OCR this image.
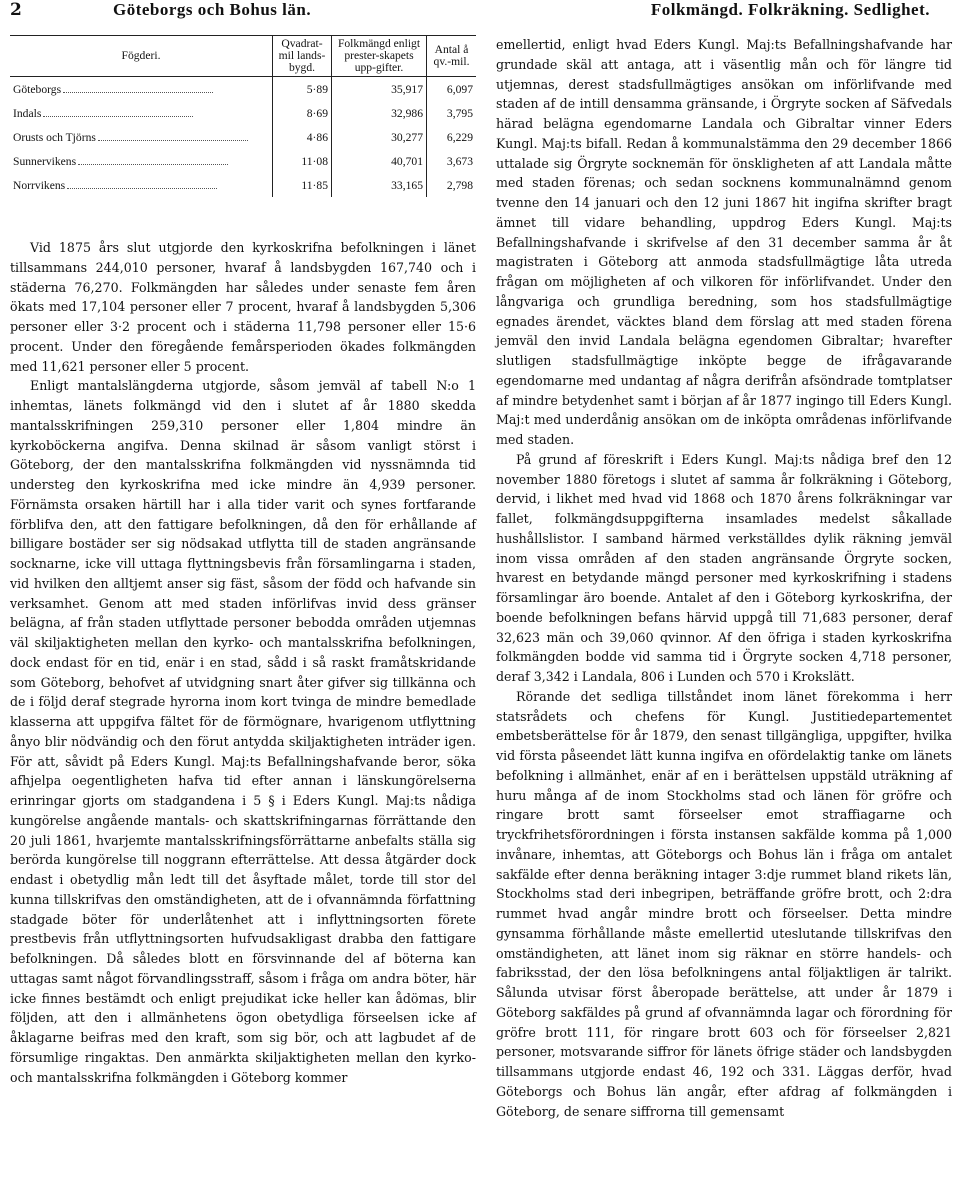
2	Göteborgs och Bohus län.	Folkmängd. Folkräkning. Sedlighet.
Fögderi.	Qvadrat-mil lands-bygd.	Folkmängd enligt prester-skapets upp-gifter.	Antal å qv.-mil.
Göteborgs	5·89	35,917	6,097
Indals	8·69	32,986	3,795
Orusts och Tjörns	4·86	30,277	6,229
Sunnervikens	11·08	40,701	3,673
Norrvikens	11·85	33,165	2,798

Vid 1875 års slut utgjorde den kyrkoskrifna befolkningen i länet tillsammans 244,010 personer, hvaraf å landsbygden 167,740 och i städerna 76,270. Folkmängden har således under senaste fem åren ökats med 17,104 personer eller 7 procent, hvaraf å landsbygden 5,306 personer eller 3·2 procent och i städerna 11,798 personer eller 15·6 procent. Under den föregående femårsperioden ökades folkmängden med 11,621 personer eller 5 procent.

Enligt mantalslängderna utgjorde, såsom jemväl af tabell N:o 1 inhemtas, länets folkmängd vid den i slutet af år 1880 skedda mantalsskrifningen 259,310 personer eller 1,804 mindre än kyrkoböckerna angifva. Denna skilnad är såsom vanligt störst i Göteborg, der den mantalsskrifna folkmängden vid nyssnämnda tid understeg den kyrkoskrifna med icke mindre än 4,939 personer. Förnämsta orsaken härtill har i alla tider varit och synes fortfarande förblifva den, att den fattigare befolkningen, då den för erhållande af billigare bostäder ser sig nödsakad utflytta till de staden angränsande socknarne, icke vill uttaga flyttningsbevis från församlingarna i staden, vid hvilken den alltjemt anser sig fäst, såsom der född och hafvande sin verksamhet. Genom att med staden införlifvas invid dess gränser belägna, af från staden utflyttade personer bebodda områden utjemnas väl skiljaktigheten mellan den kyrko- och mantalsskrifna befolkningen, dock endast för en tid, enär i en stad, sådd i så raskt framåtskridande som Göteborg, behofvet af utvidgning snart åter gifver sig tillkänna och de i följd deraf stegrade hyrorna inom kort tvinga de mindre bemedlade klasserna att uppgifva fältet för de förmögnare, hvarigenom utflyttning ånyo blir nödvändig och den förut antydda skiljaktigheten inträder igen. För att, såvidt på Eders Kungl. Maj:ts Befallningshafvande beror, söka afhjelpa oegentligheten hafva tid efter annan i länskungörelserna erinringar gjorts om stadgandena i 5 § i Eders Kungl. Maj:ts nådiga kungörelse angående mantals- och skattskrifningarnas förrättande den 20 juli 1861, hvarjemte mantalsskrifningsförrättarne anbefalts ställa sig berörda kungörelse till noggrann efterrättelse. Att dessa åtgärder dock endast i obetydlig mån ledt till det åsyftade målet, torde till stor del kunna tillskrifvas den omständigheten, att de i ofvannämnda författning stadgade böter för underlåtenhet att i inflyttningsorten förete prestbevis från utflyttningsorten hufvudsakligast drabba den fattigare befolkningen. Då således blott en försvinnande del af böterna kan uttagas samt något förvandlingsstraff, såsom i fråga om andra böter, här icke finnes bestämdt och enligt prejudikat icke heller kan ådömas, blir följden, att den i allmänhetens ögon obetydliga förseelsen icke af åklagarne beifras med den kraft, som sig bör, och att lagbudet af de försumlige ringaktas. Den anmärkta skiljaktigheten mellan den kyrko- och mantalsskrifna folkmängden i Göteborg kommer

emellertid, enligt hvad Eders Kungl. Maj:ts Befallningshafvande har grundade skäl att antaga, att i väsentlig mån och för längre tid utjemnas, derest stadsfullmägtiges ansökan om införlifvande med staden af de intill densamma gränsande, i Örgryte socken af Säfvedals härad belägna egendomarne Landala och Gibraltar vinner Eders Kungl. Maj:ts bifall. Redan å kommunalstämma den 29 december 1866 uttalade sig Örgryte socknemän för önskligheten af att Landala måtte med staden förenas; och sedan socknens kommunalnämnd genom tvenne den 14 januari och den 12 juni 1867 hit ingifna skrifter bragt ämnet till vidare behandling, uppdrog Eders Kungl. Maj:ts Befallningshafvande i skrifvelse af den 31 december samma år åt magistraten i Göteborg att anmoda stadsfullmägtige låta utreda frågan om möjligheten af och vilkoren för införlifvandet. Under den långvariga och grundliga beredning, som hos stadsfullmägtige egnades ärendet, väcktes bland dem förslag att med staden förena jemväl den invid Landala belägna egendomen Gibraltar; hvarefter slutligen stadsfullmägtige inköpte begge de ifrågavarande egendomarne med undantag af några derifrån afsöndrade tomtplatser af mindre betydenhet samt i början af år 1877 ingingo till Eders Kungl. Maj:t med underdånig ansökan om de inköpta områdenas införlifvande med staden.

På grund af föreskrift i Eders Kungl. Maj:ts nådiga bref den 12 november 1880 företogs i slutet af samma år folkräkning i Göteborg, dervid, i likhet med hvad vid 1868 och 1870 årens folkräkningar var fallet, folkmängdsuppgifterna insamlades medelst såkallade hushållslistor. I samband härmed verkställdes dylik räkning jemväl inom vissa områden af den staden angränsande Örgryte socken, hvarest en betydande mängd personer med kyrkoskrifning i stadens församlingar äro boende. Antalet af den i Göteborg kyrkoskrifna, der boende befolkningen befans härvid uppgå till 71,683 personer, deraf 32,623 män och 39,060 qvinnor. Af den öfriga i staden kyrkoskrifna folkmängden bodde vid samma tid i Örgryte socken 4,718 personer, deraf 3,342 i Landala, 806 i Lunden och 570 i Krokslätt.

Rörande det sedliga tillståndet inom länet förekomma i herr statsrådets och chefens för Kungl. Justitiedepartementet embetsberättelse för år 1879, den senast tillgängliga, uppgifter, hvilka vid första påseendet lätt kunna ingifva en ofördelaktig tanke om länets befolkning i allmänhet, enär af en i berättelsen uppstäld uträkning af huru många af de inom Stockholms stad och länen för gröfre och ringare brott samt förseelser emot straffiagarne och tryckfrihetsförordningen i första instansen sakfälde komma på 1,000 invånare, inhemtas, att Göteborgs och Bohus län i fråga om antalet sakfälde efter denna beräkning intager 3:dje rummet bland rikets län, Stockholms stad deri inbegripen, beträffande gröfre brott, och 2:dra rummet hvad angår mindre brott och förseelser. Detta mindre gynsamma förhållande måste emellertid uteslutande tillskrifvas den omständigheten, att länet inom sig räknar en större handels- och fabriksstad, der den lösa befolkningens antal följaktligen är talrikt. Sålunda utvisar först åberopade berättelse, att under år 1879 i Göteborg sakfäldes på grund af ofvannämnda lagar och förordning för gröfre brott 111, för ringare brott 603 och för förseelser 2,821 personer, motsvarande siffror för länets öfrige städer och landsbygden tillsammans utgjorde endast 46, 192 och 331. Läggas derför, hvad Göteborgs och Bohus län angår, efter afdrag af folkmängden i Göteborg, de senare siffrorna till gemensamt
